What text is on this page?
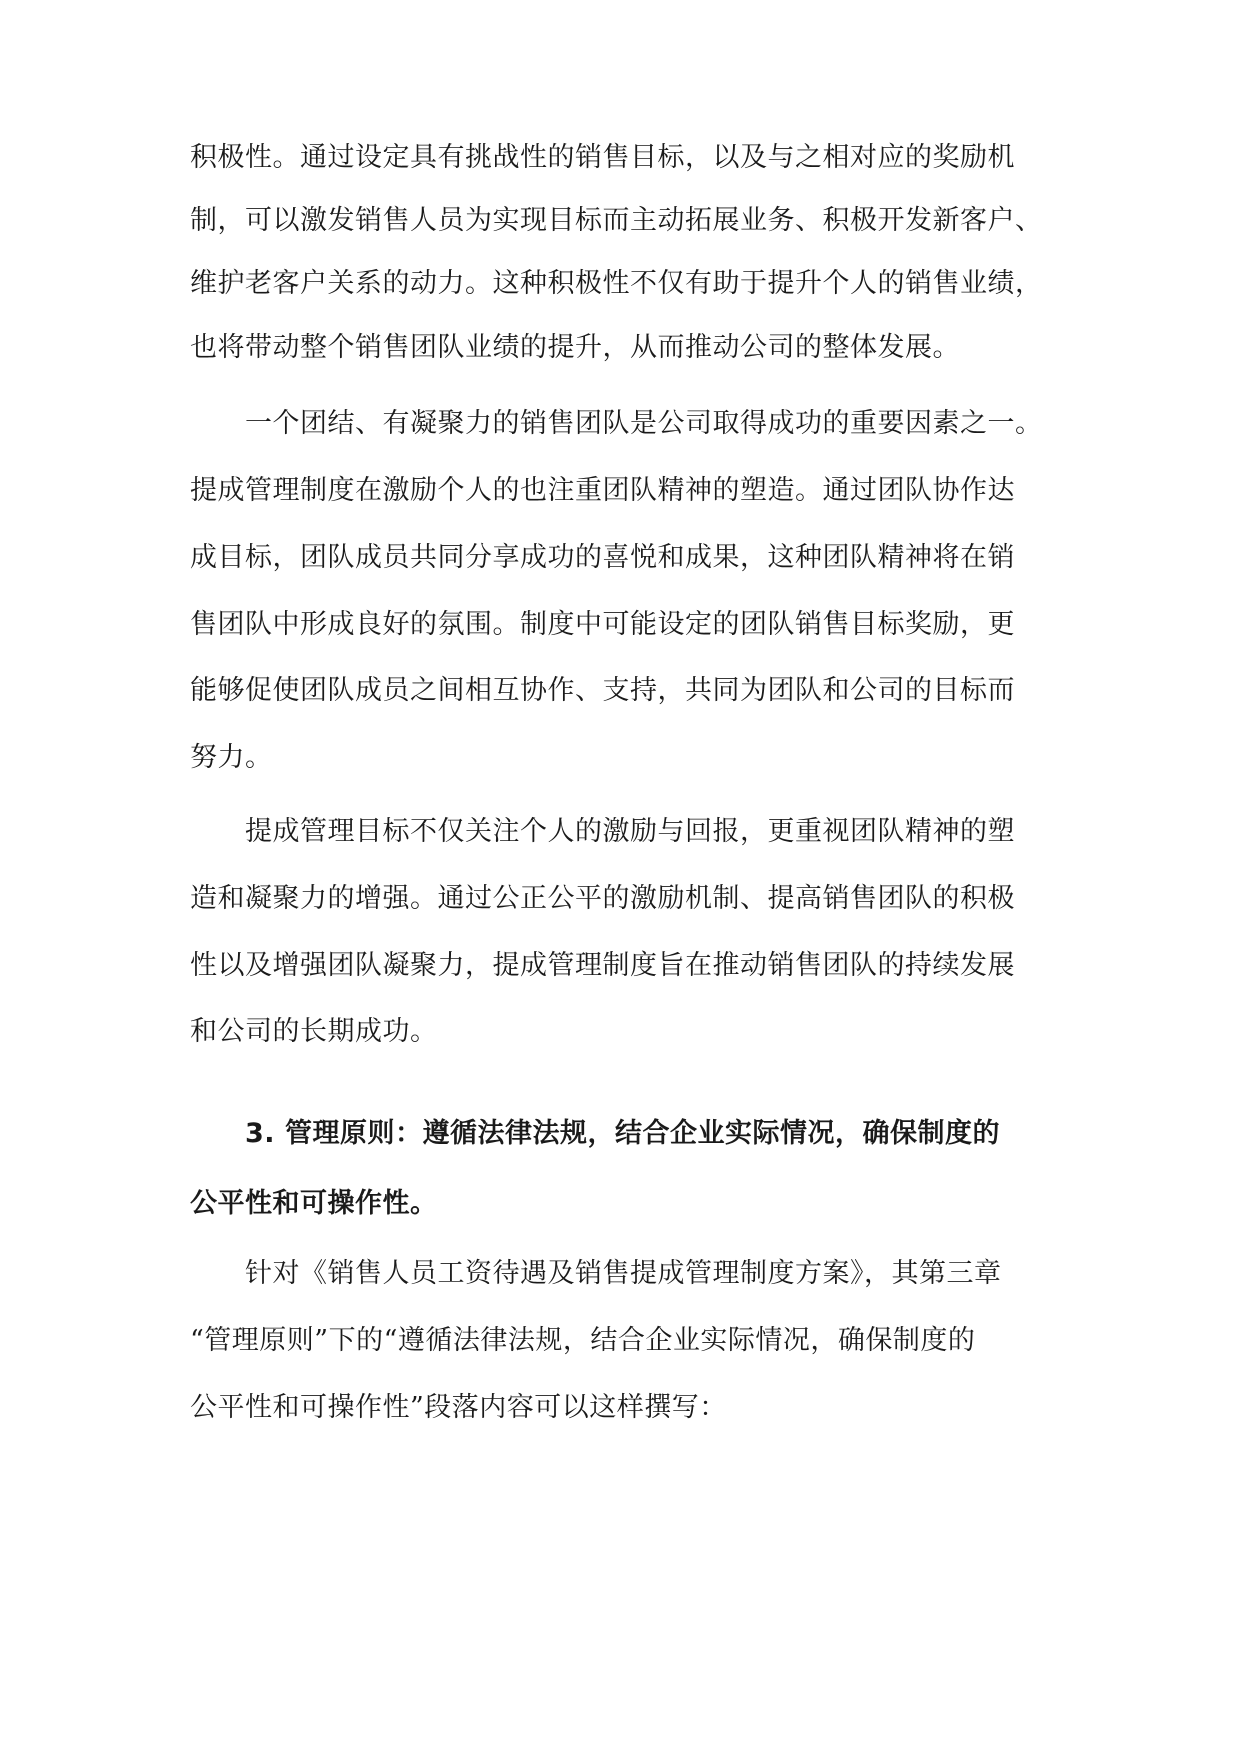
积极性。通过设定具有挑战性的销售目标，以及与之相对应的奖励机
制，可以激发销售人员为实现目标而主动拓展业务、积极开发新客户、
维护老客户关系的动力。这种积极性不仅有助于提升个人的销售业绩，
也将带动整个销售团队业绩的提升，从而推动公司的整体发展。
一个团结、有凝聚力的销售团队是公司取得成功的重要因素之一。
提成管理制度在激励个人的也注重团队精神的塑造。通过团队协作达
成目标，团队成员共同分享成功的喜悦和成果，这种团队精神将在销
售团队中形成良好的氛围。制度中可能设定的团队销售目标奖励，更
能够促使团队成员之间相互协作、支持，共同为团队和公司的目标而
努力。
提成管理目标不仅关注个人的激励与回报，更重视团队精神的塑
造和凝聚力的增强。通过公正公平的激励机制、提高销售团队的积极
性以及增强团队凝聚力，提成管理制度旨在推动销售团队的持续发展
和公司的长期成功。
3. 管理原则：遵循法律法规，结合企业实际情况，确保制度的
公平性和可操作性。
针对《销售人员工资待遇及销售提成管理制度方案》，其第三章
“管理原则”下的“遵循法律法规，结合企业实际情况，确保制度的
公平性和可操作性”段落内容可以这样撰写：
